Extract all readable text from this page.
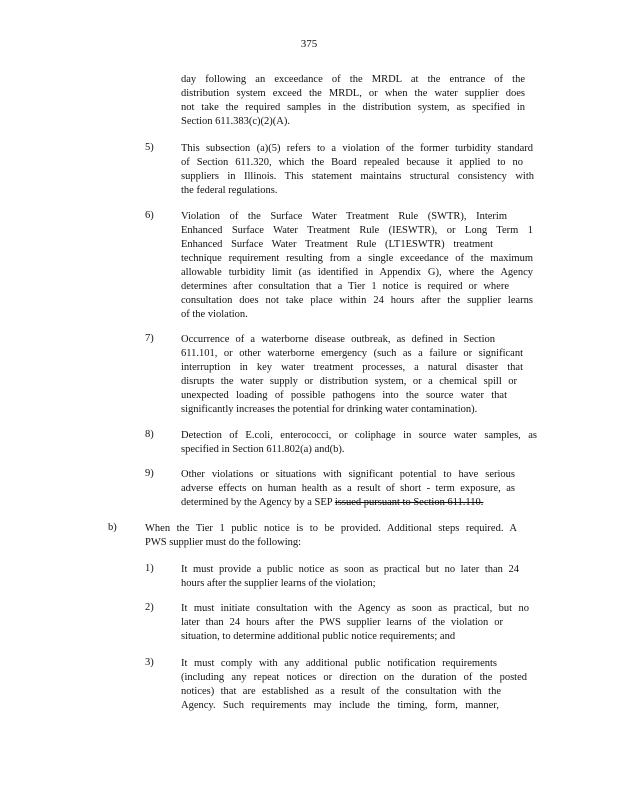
375
day following an exceedance of the MRDL at the entrance of the
distribution system exceed the MRDL, or when the water supplier does
not take the required samples in the distribution system, as specified in
Section 611.383(c)(2)(A).
5)	This subsection (a)(5) refers to a violation of the former turbidity standard
of Section 611.320, which the Board repealed because it applied to no
suppliers in Illinois. This statement maintains structural consistency with
the federal regulations.
6)	Violation of the Surface Water Treatment Rule (SWTR), Interim
Enhanced Surface Water Treatment Rule (IESWTR), or Long Term 1
Enhanced Surface Water Treatment Rule (LT1ESWTR) treatment
technique requirement resulting from a single exceedance of the maximum
allowable turbidity limit (as identified in Appendix G), where the Agency
determines after consultation that a Tier 1 notice is required or where
consultation does not take place within 24 hours after the supplier learns
of the violation.
7)	Occurrence of a waterborne disease outbreak, as defined in Section
611.101, or other waterborne emergency (such as a failure or significant
interruption in key water treatment processes, a natural disaster that
disrupts the water supply or distribution system, or a chemical spill or
unexpected loading of possible pathogens into the source water that
significantly increases the potential for drinking water contamination).
8)	Detection of E.coli, enterococci, or coliphage in source water samples, as
specified in Section 611.802(a) and(b).
9)	Other violations or situations with significant potential to have serious
adverse effects on human health as a result of short - term exposure, as
determined by the Agency by a SEP issued pursuant to Section 611.110.
b)	When the Tier 1 public notice is to be provided. Additional steps required. A
PWS supplier must do the following:
1)	It must provide a public notice as soon as practical but no later than 24
hours after the supplier learns of the violation;
2)	It must initiate consultation with the Agency as soon as practical, but no
later than 24 hours after the PWS supplier learns of the violation or
situation, to determine additional public notice requirements; and
3)	It must comply with any additional public notification requirements
(including any repeat notices or direction on the duration of the posted
notices) that are established as a result of the consultation with the
Agency. Such requirements may include the timing, form, manner,
